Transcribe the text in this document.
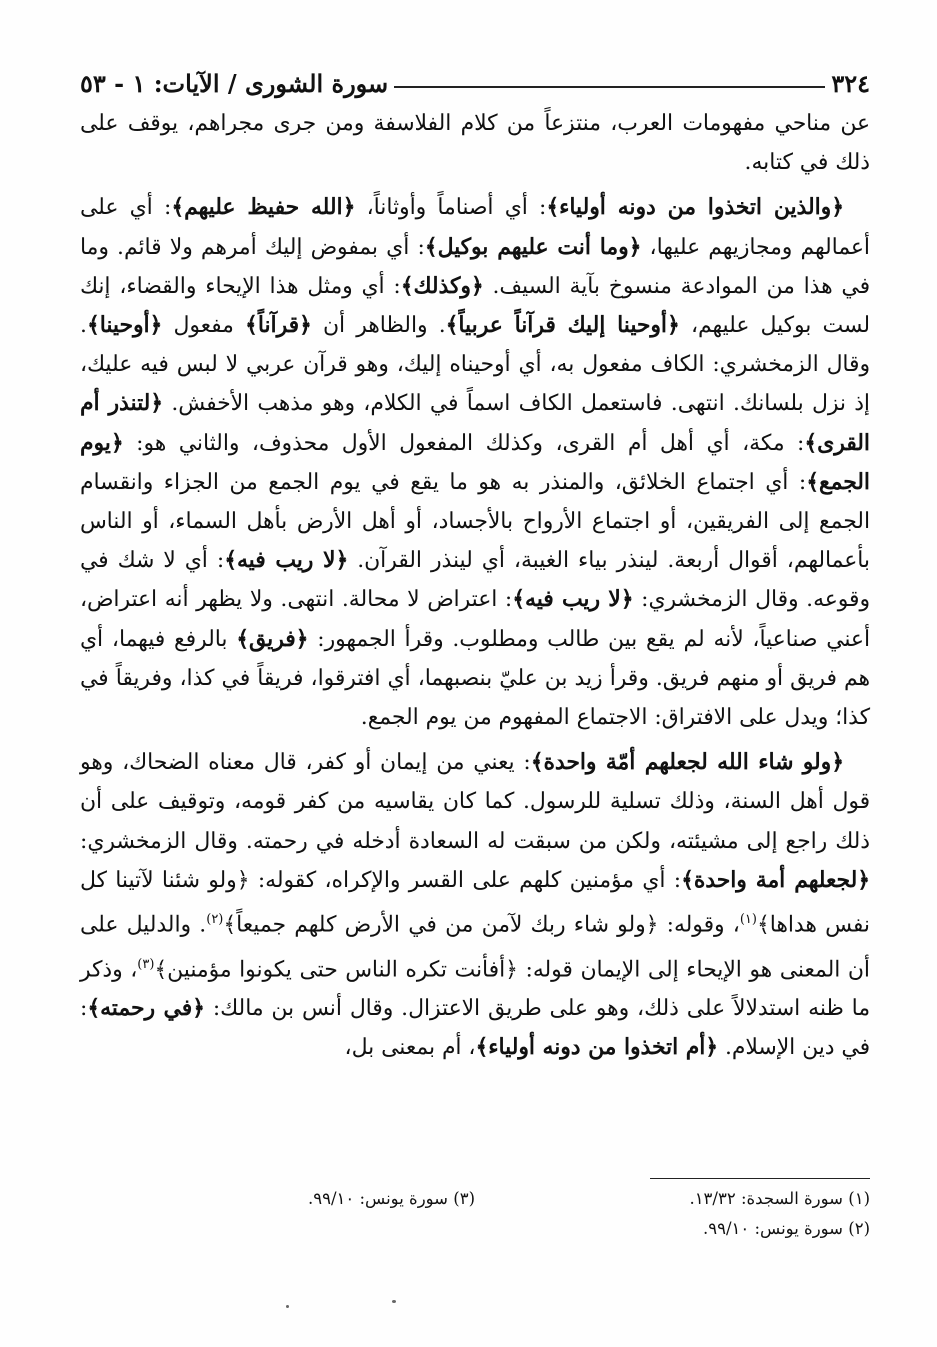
٣٢٤
سورة الشورى / الآيات: ١ - ٥٣

عن مناحي مفهومات العرب، منتزعاً من كلام الفلاسفة ومن جرى مجراهم، يوقف على ذلك في كتابه.

﴿والذين اتخذوا من دونه أولياء﴾: أي أصناماً وأوثاناً، ﴿الله حفيظ عليهم﴾: أي على أعمالهم ومجازيهم عليها، ﴿وما أنت عليهم بوكيل﴾: أي بمفوض إليك أمرهم ولا قائم. وما في هذا من الموادعة منسوخ بآية السيف. ﴿وكذلك﴾: أي ومثل هذا الإيحاء والقضاء، إنك لست بوكيل عليهم، ﴿أوحينا إليك قرآناً عربياً﴾. والظاهر أن ﴿قرآناً﴾ مفعول ﴿أوحينا﴾. وقال الزمخشري: الكاف مفعول به، أي أوحيناه إليك، وهو قرآن عربي لا لبس فيه عليك، إذ نزل بلسانك. انتهى. فاستعمل الكاف اسماً في الكلام، وهو مذهب الأخفش. ﴿لتنذر أم القرى﴾: مكة، أي أهل أم القرى، وكذلك المفعول الأول محذوف، والثاني هو: ﴿يوم الجمع﴾: أي اجتماع الخلائق، والمنذر به هو ما يقع في يوم الجمع من الجزاء وانقسام الجمع إلى الفريقين، أو اجتماع الأرواح بالأجساد، أو أهل الأرض بأهل السماء، أو الناس بأعمالهم، أقوال أربعة. لينذر بياء الغيبة، أي لينذر القرآن. ﴿لا ريب فيه﴾: أي لا شك في وقوعه. وقال الزمخشري: ﴿لا ريب فيه﴾: اعتراض لا محالة. انتهى. ولا يظهر أنه اعتراض، أعني صناعياً، لأنه لم يقع بين طالب ومطلوب. وقرأ الجمهور: ﴿فريق﴾ بالرفع فيهما، أي هم فريق أو منهم فريق. وقرأ زيد بن عليّ بنصبهما، أي افترقوا، فريقاً في كذا، وفريقاً في كذا؛ ويدل على الافتراق: الاجتماع المفهوم من يوم الجمع.

﴿ولو شاء الله لجعلهم أمّة واحدة﴾: يعني من إيمان أو كفر، قال معناه الضحاك، وهو قول أهل السنة، وذلك تسلية للرسول. كما كان يقاسيه من كفر قومه، وتوقيف على أن ذلك راجع إلى مشيئته، ولكن من سبقت له السعادة أدخله في رحمته. وقال الزمخشري: ﴿لجعلهم أمة واحدة﴾: أي مؤمنين كلهم على القسر والإكراه، كقوله: ﴿ولو شئنا لآتينا كل نفس هداها﴾$^{(١)}$، وقوله: ﴿ولو شاء ربك لآمن من في الأرض كلهم جميعاً﴾$^{(٢)}$. والدليل على أن المعنى هو الإيحاء إلى الإيمان قوله: ﴿أفأنت تكره الناس حتى يكونوا مؤمنين﴾$^{(٣)}$، وذكر ما ظنه استدلالاً على ذلك، وهو على طريق الاعتزال. وقال أنس بن مالك: ﴿في رحمته﴾: في دين الإسلام. ﴿أم اتخذوا من دونه أولياء﴾، أم بمعنى بل،

(١) سورة السجدة: ١٣/٣٢.
(٣) سورة يونس: ٩٩/١٠.
(٢) سورة يونس: ٩٩/١٠.
